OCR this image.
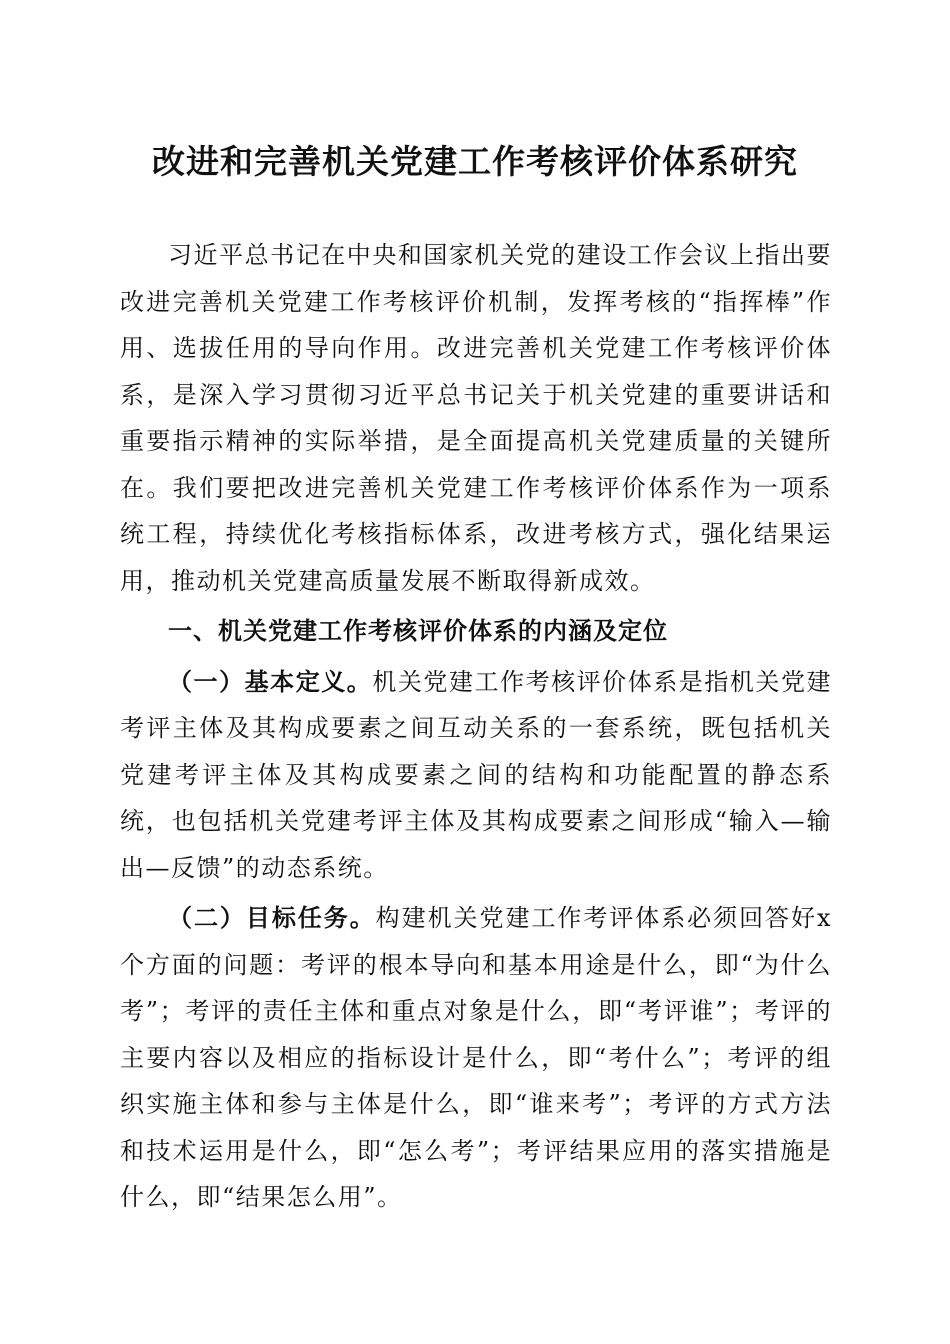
改进和完善机关党建工作考核评价体系研究

习近平总书记在中央和国家机关党的建设工作会议上指出要改进完善机关党建工作考核评价机制，发挥考核的“指挥棒”作用、选拔任用的导向作用。改进完善机关党建工作考核评价体系，是深入学习贯彻习近平总书记关于机关党建的重要讲话和重要指示精神的实际举措，是全面提高机关党建质量的关键所在。我们要把改进完善机关党建工作考核评价体系作为一项系统工程，持续优化考核指标体系，改进考核方式，强化结果运用，推动机关党建高质量发展不断取得新成效。

一、机关党建工作考核评价体系的内涵及定位

（一）基本定义。机关党建工作考核评价体系是指机关党建考评主体及其构成要素之间互动关系的一套系统，既包括机关党建考评主体及其构成要素之间的结构和功能配置的静态系统，也包括机关党建考评主体及其构成要素之间形成“输入—输出—反馈”的动态系统。

（二）目标任务。构建机关党建工作考评体系必须回答好x个方面的问题：考评的根本导向和基本用途是什么，即“为什么考”；考评的责任主体和重点对象是什么，即“考评谁”；考评的主要内容以及相应的指标设计是什么，即“考什么”；考评的组织实施主体和参与主体是什么，即“谁来考”；考评的方式方法和技术运用是什么，即“怎么考”；考评结果应用的落实措施是什么，即“结果怎么用”。
